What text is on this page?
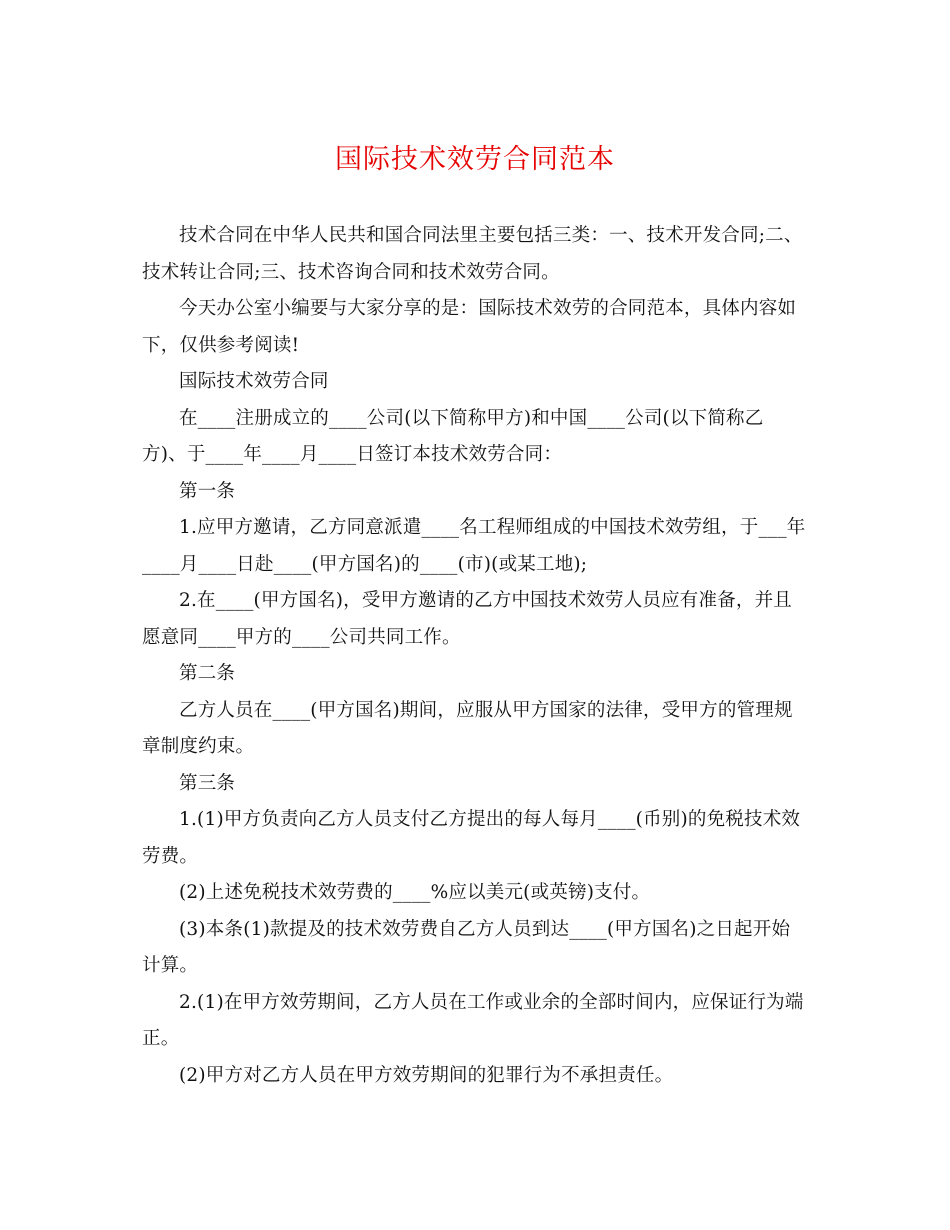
国际技术效劳合同范本

技术合同在中华人民共和国合同法里主要包括三类：一、技术开发合同;二、技术转让合同;三、技术咨询合同和技术效劳合同。

今天办公室小编要与大家分享的是：国际技术效劳的合同范本，具体内容如下，仅供参考阅读!

国际技术效劳合同

在____注册成立的____公司(以下简称甲方)和中国____公司(以下简称乙方)、于____年____月____日签订本技术效劳合同：

第一条

1.应甲方邀请，乙方同意派遣____名工程师组成的中国技术效劳组，于___年____月____日赴____(甲方国名)的____(市)(或某工地);

2.在____(甲方国名)，受甲方邀请的乙方中国技术效劳人员应有准备，并且愿意同____甲方的____公司共同工作。

第二条

乙方人员在____(甲方国名)期间，应服从甲方国家的法律，受甲方的管理规章制度约束。

第三条

1.(1)甲方负责向乙方人员支付乙方提出的每人每月____(币别)的免税技术效劳费。

(2)上述免税技术效劳费的____%应以美元(或英镑)支付。

(3)本条(1)款提及的技术效劳费自乙方人员到达____(甲方国名)之日起开始计算。

2.(1)在甲方效劳期间，乙方人员在工作或业余的全部时间内，应保证行为端正。

(2)甲方对乙方人员在甲方效劳期间的犯罪行为不承担责任。
